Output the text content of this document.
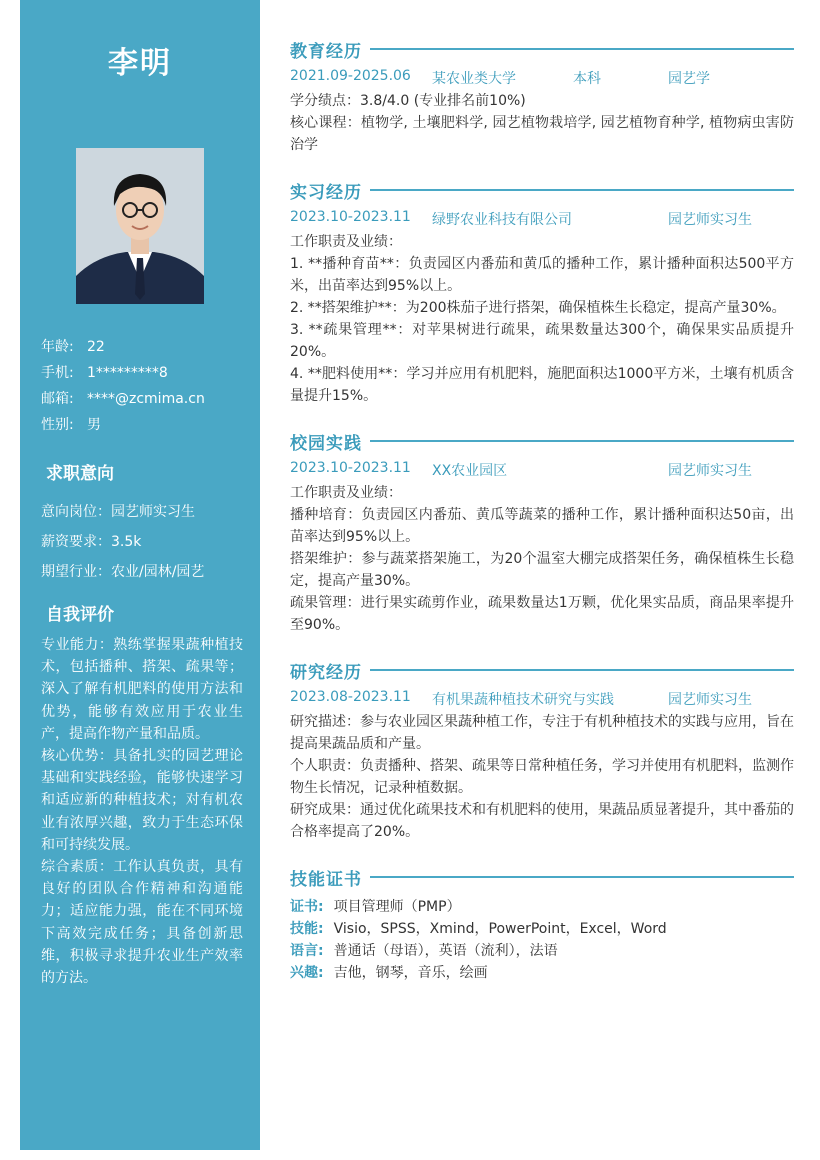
李明
年龄: 22
手机: 1*********8
邮箱: ****@zcmima.cn
性别: 男
求职意向
意向岗位：园艺师实习生
薪资要求：3.5k
期望行业：农业/园林/园艺
自我评价
专业能力：熟练掌握果蔬种植技术，包括播种、搭架、疏果等；深入了解有机肥料的使用方法和优势，能够有效应用于农业生产，提高作物产量和品质。
核心优势：具备扎实的园艺理论基础和实践经验，能够快速学习和适应新的种植技术；对有机农业有浓厚兴趣，致力于生态环保和可持续发展。
综合素质：工作认真负责，具有良好的团队合作精神和沟通能力；适应能力强，能在不同环境下高效完成任务；具备创新思维，积极寻求提升农业生产效率的方法。
教育经历
2021.09-2025.06 某农业类大学	本科	园艺学
学分绩点：3.8/4.0 (专业排名前10%)
核心课程：植物学, 土壤肥料学, 园艺植物栽培学, 园艺植物育种学, 植物病虫害防治学
实习经历
2023.10-2023.11 绿野农业科技有限公司	园艺师实习生
工作职责及业绩：
1. **播种育苗**：负责园区内番茄和黄瓜的播种工作，累计播种面积达500平方米，出苗率达到95%以上。
2. **搭架维护**：为200株茄子进行搭架，确保植株生长稳定，提高产量30%。
3. **疏果管理**：对苹果树进行疏果，疏果数量达300个，确保果实品质提升20%。
4. **肥料使用**：学习并应用有机肥料，施肥面积达1000平方米，土壤有机质含量提升15%。
校园实践
2023.10-2023.11 XX农业园区	园艺师实习生
工作职责及业绩：
播种培育：负责园区内番茄、黄瓜等蔬菜的播种工作，累计播种面积达50亩，出苗率达到95%以上。
搭架维护：参与蔬菜搭架施工，为20个温室大棚完成搭架任务，确保植株生长稳定，提高产量30%。
疏果管理：进行果实疏剪作业，疏果数量达1万颗，优化果实品质，商品果率提升至90%。
研究经历
2023.08-2023.11 有机果蔬种植技术研究与实践	园艺师实习生
研究描述：参与农业园区果蔬种植工作，专注于有机种植技术的实践与应用，旨在提高果蔬品质和产量。
个人职责：负责播种、搭架、疏果等日常种植任务，学习并使用有机肥料，监测作物生长情况，记录种植数据。
研究成果：通过优化疏果技术和有机肥料的使用，果蔬品质显著提升，其中番茄的合格率提高了20%。
技能证书
证书: 项目管理师（PMP）
技能: Visio，SPSS，Xmind，PowerPoint，Excel，Word
语言: 普通话（母语），英语（流利），法语
兴趣: 吉他，钢琴，音乐，绘画
